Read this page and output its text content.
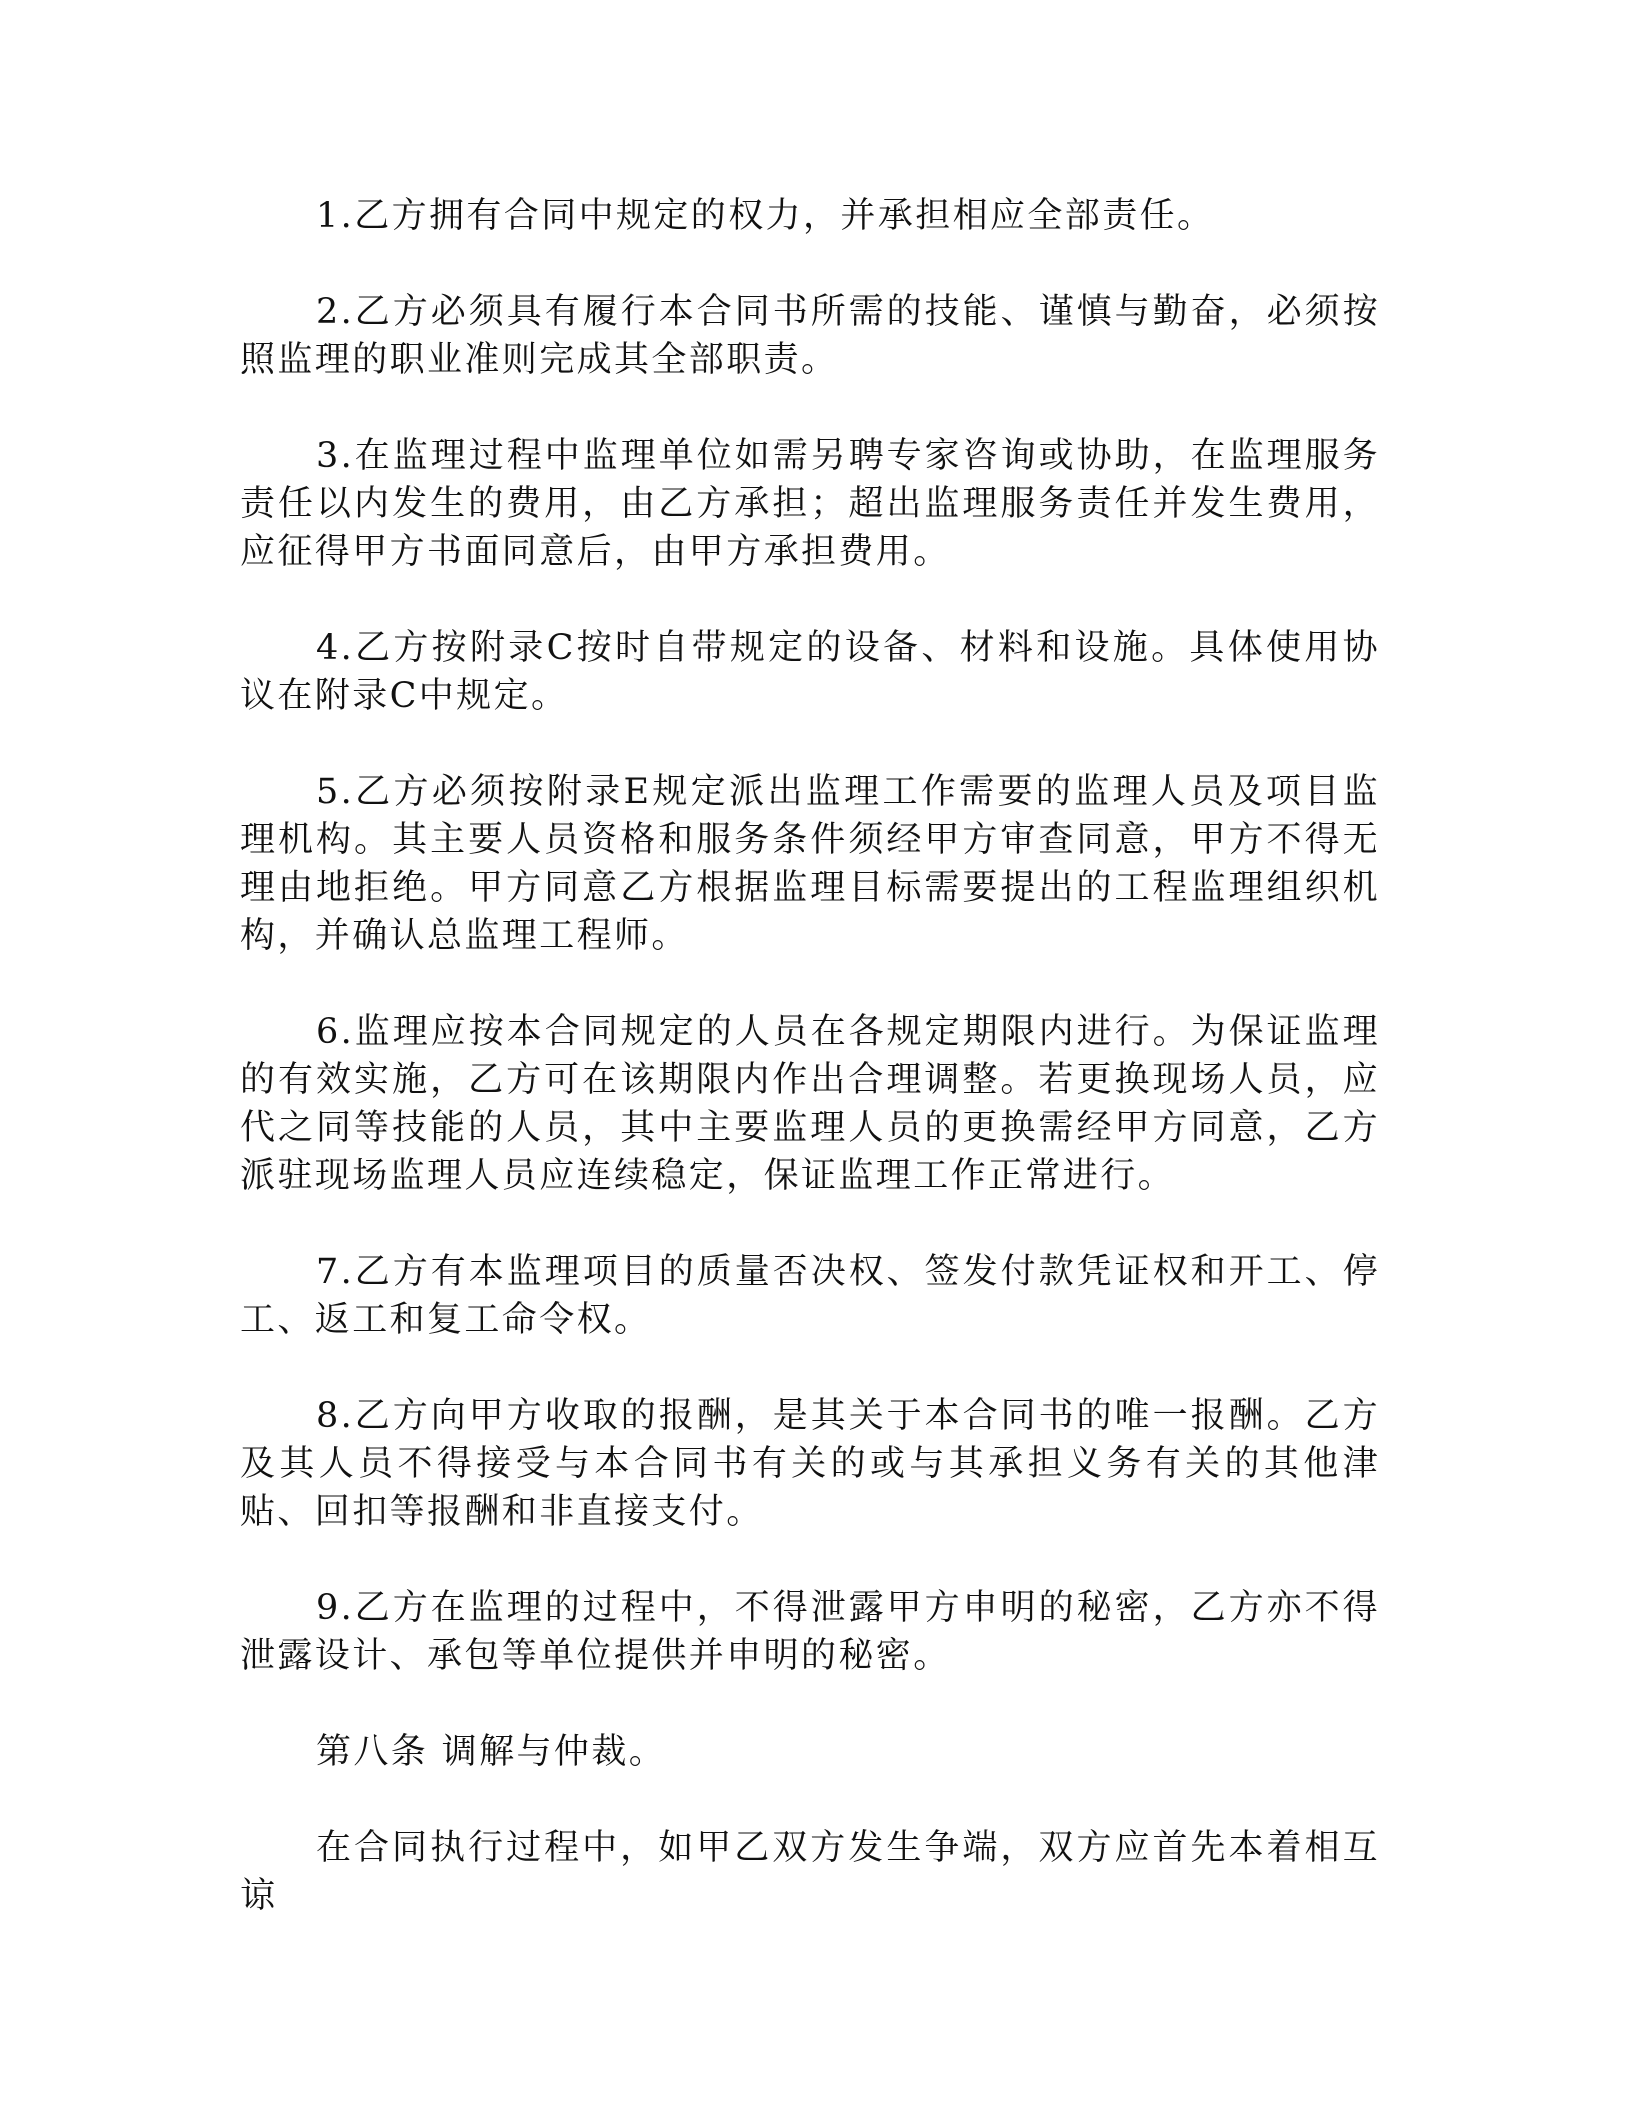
1.乙方拥有合同中规定的权力，并承担相应全部责任。

2.乙方必须具有履行本合同书所需的技能、谨慎与勤奋，必须按照监理的职业准则完成其全部职责。

3.在监理过程中监理单位如需另聘专家咨询或协助，在监理服务责任以内发生的费用，由乙方承担；超出监理服务责任并发生费用，应征得甲方书面同意后，由甲方承担费用。

4.乙方按附录C按时自带规定的设备、材料和设施。具体使用协议在附录C中规定。

5.乙方必须按附录E规定派出监理工作需要的监理人员及项目监理机构。其主要人员资格和服务条件须经甲方审查同意，甲方不得无理由地拒绝。甲方同意乙方根据监理目标需要提出的工程监理组织机构，并确认总监理工程师。

6.监理应按本合同规定的人员在各规定期限内进行。为保证监理的有效实施，乙方可在该期限内作出合理调整。若更换现场人员，应代之同等技能的人员，其中主要监理人员的更换需经甲方同意，乙方派驻现场监理人员应连续稳定，保证监理工作正常进行。

7.乙方有本监理项目的质量否决权、签发付款凭证权和开工、停工、返工和复工命令权。

8.乙方向甲方收取的报酬，是其关于本合同书的唯一报酬。乙方及其人员不得接受与本合同书有关的或与其承担义务有关的其他津贴、回扣等报酬和非直接支付。

9.乙方在监理的过程中，不得泄露甲方申明的秘密，乙方亦不得泄露设计、承包等单位提供并申明的秘密。

第八条 调解与仲裁。

在合同执行过程中，如甲乙双方发生争端，双方应首先本着相互谅
